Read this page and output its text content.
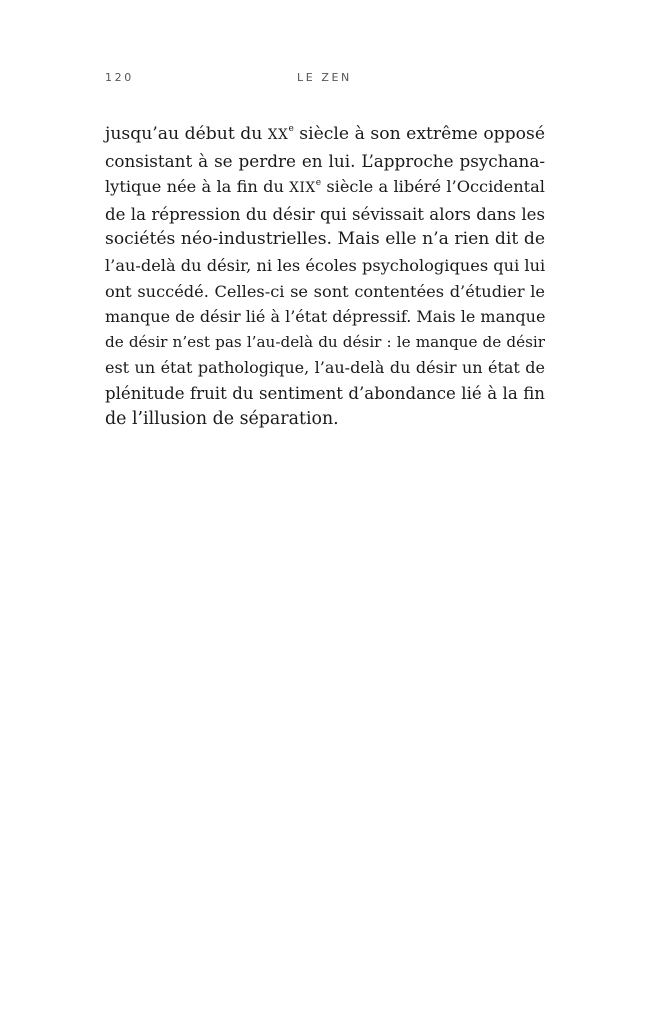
120	LE ZEN
jusqu’au début du XXe siècle à son extrême opposé
consistant à se perdre en lui. L’approche psychana-
lytique née à la fin du XIXe siècle a libéré l’Occidental
de la répression du désir qui sévissait alors dans les
sociétés néo-industrielles. Mais elle n’a rien dit de
l’au-delà du désir, ni les écoles psychologiques qui lui
ont succédé. Celles-ci se sont contentées d’étudier le
manque de désir lié à l’état dépressif. Mais le manque
de désir n’est pas l’au-delà du désir : le manque de désir
est un état pathologique, l’au-delà du désir un état de
plénitude fruit du sentiment d’abondance lié à la fin
de l’illusion de séparation.
